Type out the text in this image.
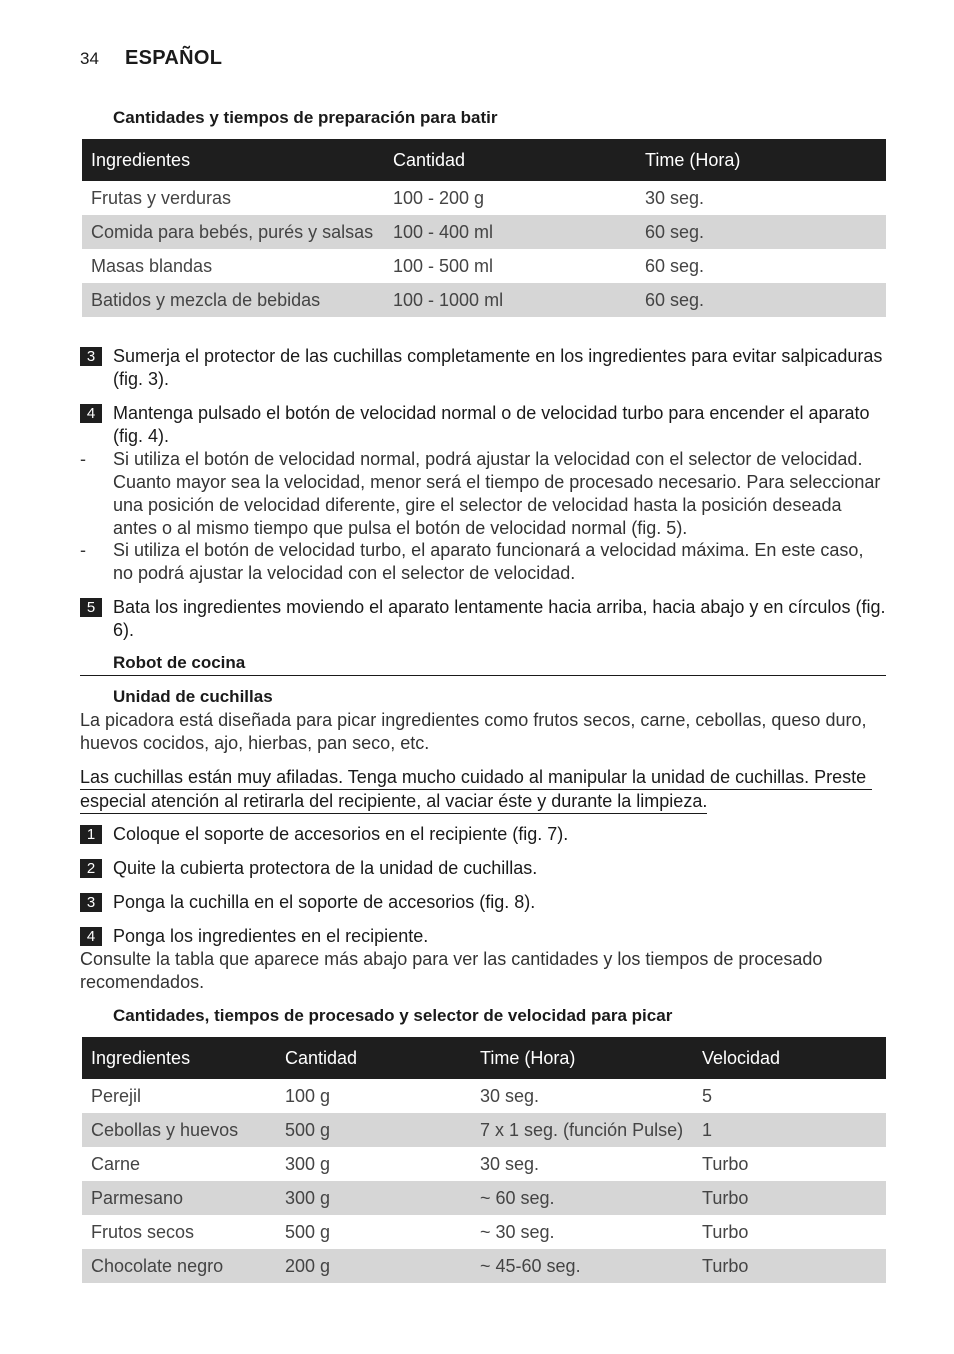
34	ESPAÑOL
Cantidades y tiempos de preparación para batir
Ingredientes	Cantidad	Time (Hora)
Frutas y verduras	100 - 200 g	30 seg.
Comida para bebés, purés y salsas	100 - 400 ml	60 seg.
Masas blandas	100 - 500 ml	60 seg.
Batidos y mezcla de bebidas	100 - 1000 ml	60 seg.
3 Sumerja el protector de las cuchillas completamente en los ingredientes para evitar salpicaduras (fig. 3).
4 Mantenga pulsado el botón de velocidad normal o de velocidad turbo para encender el aparato (fig. 4).
- Si utiliza el botón de velocidad normal, podrá ajustar la velocidad con el selector de velocidad. Cuanto mayor sea la velocidad, menor será el tiempo de procesado necesario. Para seleccionar una posición de velocidad diferente, gire el selector de velocidad hasta la posición deseada antes o al mismo tiempo que pulsa el botón de velocidad normal (fig. 5).
- Si utiliza el botón de velocidad turbo, el aparato funcionará a velocidad máxima. En este caso, no podrá ajustar la velocidad con el selector de velocidad.
5 Bata los ingredientes moviendo el aparato lentamente hacia arriba, hacia abajo y en círculos (fig. 6).
Robot de cocina
Unidad de cuchillas
La picadora está diseñada para picar ingredientes como frutos secos, carne, cebollas, queso duro, huevos cocidos, ajo, hierbas, pan seco, etc.
Las cuchillas están muy afiladas. Tenga mucho cuidado al manipular la unidad de cuchillas. Preste
especial atención al retirarla del recipiente, al vaciar éste y durante la limpieza.
1 Coloque el soporte de accesorios en el recipiente (fig. 7).
2 Quite la cubierta protectora de la unidad de cuchillas.
3 Ponga la cuchilla en el soporte de accesorios (fig. 8).
4 Ponga los ingredientes en el recipiente.
Consulte la tabla que aparece más abajo para ver las cantidades y los tiempos de procesado recomendados.
Cantidades, tiempos de procesado y selector de velocidad para picar
Ingredientes	Cantidad	Time (Hora)	Velocidad
Perejil	100 g	30 seg.	5
Cebollas y huevos	500 g	7 x 1 seg. (función Pulse)	1
Carne	300 g	30 seg.	Turbo
Parmesano	300 g	~ 60 seg.	Turbo
Frutos secos	500 g	~ 30 seg.	Turbo
Chocolate negro	200 g	~ 45-60 seg.	Turbo
